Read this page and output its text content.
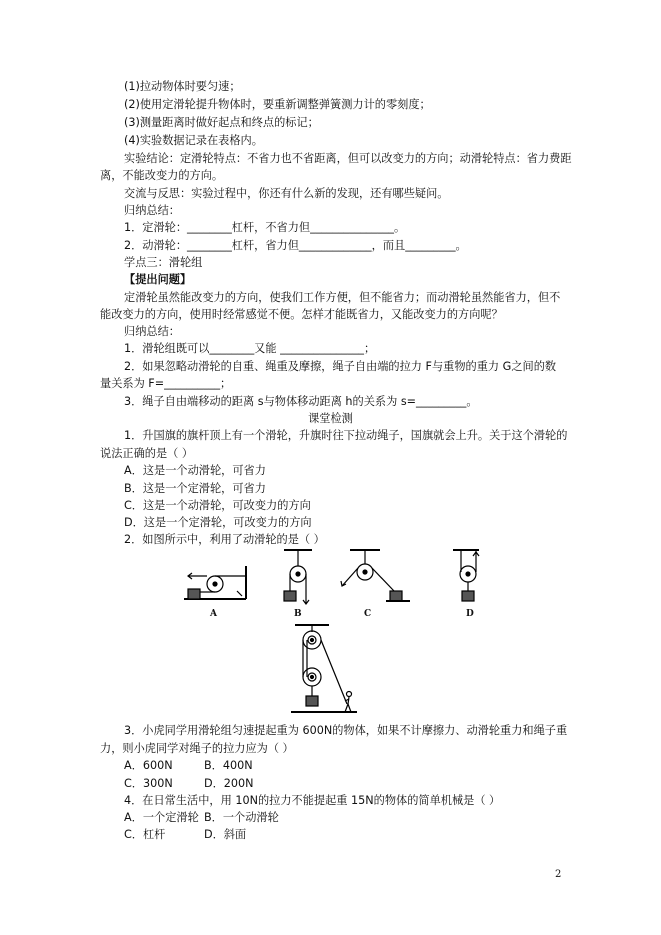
(1)拉动物体时要匀速；
(2)使用定滑轮提升物体时，要重新调整弹簧测力计的零刻度；
(3)测量距离时做好起点和终点的标记；
(4)实验数据记录在表格内。
实验结论：定滑轮特点：不省力也不省距离，但可以改变力的方向；动滑轮特点：省力费距
离，不能改变力的方向。
交流与反思：实验过程中，你还有什么新的发现，还有哪些疑问。
归纳总结：
1．定滑轮：________杠杆，不省力但_______________。
2．动滑轮：________杠杆，省力但_____________，而且_________。
学点三：滑轮组
【提出问题】
定滑轮虽然能改变力的方向，使我们工作方便，但不能省力；而动滑轮虽然能省力，但不
能改变力的方向，使用时经常感觉不便。怎样才能既省力，又能改变力的方向呢？
归纳总结：
1．滑轮组既可以________又能 _______________；
2．如果忽略动滑轮的自重、绳重及摩擦，绳子自由端的拉力 F与重物的重力 G之间的数
量关系为 F=__________；
3．绳子自由端移动的距离 s与物体移动距离 h的关系为 s=_________。
课堂检测
1．升国旗的旗杆顶上有一个滑轮，升旗时往下拉动绳子，国旗就会上升。关于这个滑轮的
说法正确的是（ ）
A．这是一个动滑轮，可省力
B．这是一个定滑轮，可省力
C．这是一个动滑轮，可改变力的方向
D．这是一个定滑轮，可改变力的方向
2．如图所示中，利用了动滑轮的是（ ）
A	B	C	D
3．小虎同学用滑轮组匀速提起重为 600N的物体，如果不计摩擦力、动滑轮重力和绳子重
力，则小虎同学对绳子的拉力应为（ ）
A．600N	B．400N
C．300N	D．200N
4．在日常生活中，用 10N的拉力不能提起重 15N的物体的简单机械是（ ）
A．一个定滑轮 B．一个动滑轮
C．杠杆	D．斜面
2
